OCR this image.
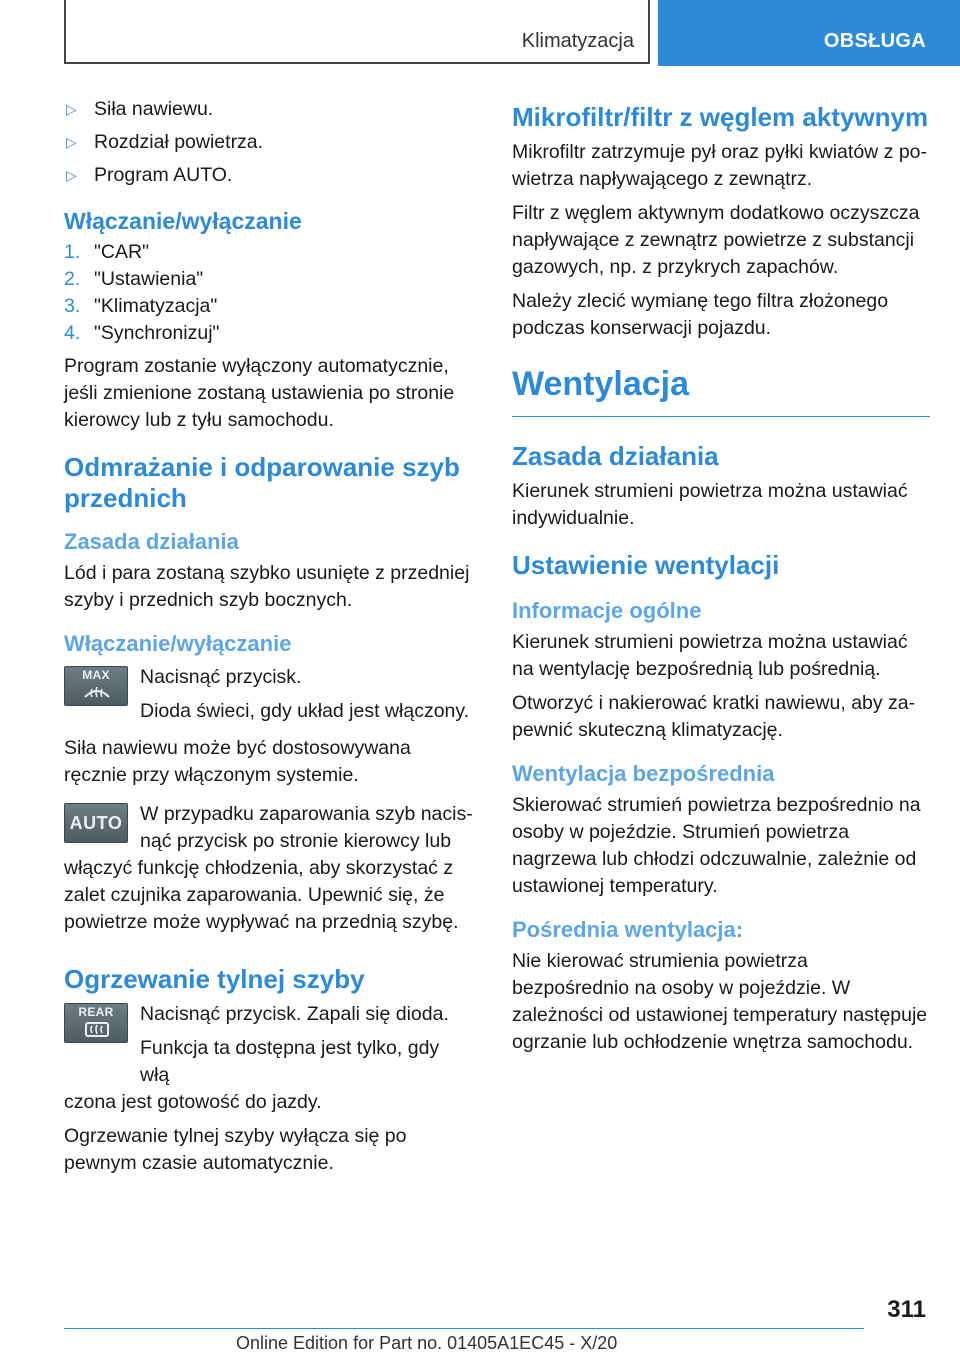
Klimatyzacja	OBSŁUGA
▷ Siła nawiewu.
▷ Rozdział powietrza.
▷ Program AUTO.
Włączanie/wyłączanie
1. "CAR"
2. "Ustawienia"
3. "Klimatyzacja"
4. "Synchronizuj"

Program zostanie wyłączony automatycznie, jeśli zmienione zostaną ustawienia po stronie kierowcy lub z tyłu samochodu.

Odmrażanie i odparowanie szyb przednich
Zasada działania

Lód i para zostaną szybko usunięte z przedniej szyby i przednich szyb bocznych.

Włączanie/wyłączanie
MAX	Nacisnąć przycisk.

Dioda świeci, gdy układ jest włączony.

Siła nawiewu może być dostosowywana ręcznie przy włączonym systemie.

AUTO W przypadku zaparowania szyb nacisnąć przycisk po stronie kierowcy lub

włączyć funkcję chłodzenia, aby skorzystać z zalet czujnika zaparowania. Upewnić się, że powietrze może wypływać na przednią szybę.

Ogrzewanie tylnej szyby
REAR	Nacisnąć przycisk. Zapali się dioda.

Funkcja ta dostępna jest tylko, gdy włą

czona jest gotowość do jazdy.

Ogrzewanie tylnej szyby wyłącza się po pewnym czasie automatycznie.

Mikrofiltr/filtr z węglem aktywnym

Mikrofiltr zatrzymuje pył oraz pyłki kwiatów z powietrza napływającego z zewnątrz.

Filtr z węglem aktywnym dodatkowo oczyszcza napływające z zewnątrz powietrze z substancji gazowych, np. z przykrych zapachów.

Należy zlecić wymianę tego filtra złożonego podczas konserwacji pojazdu.

Wentylacja
Zasada działania

Kierunek strumieni powietrza można ustawiać indywidualnie.

Ustawienie wentylacji
Informacje ogólne

Kierunek strumieni powietrza można ustawiać na wentylację bezpośrednią lub pośrednią.

Otworzyć i nakierować kratki nawiewu, aby zapewnić skuteczną klimatyzację.

Wentylacja bezpośrednia

Skierować strumień powietrza bezpośrednio na osoby w pojeździe. Strumień powietrza nagrzewa lub chłodzi odczuwalnie, zależnie od ustawionej temperatury.

Pośrednia wentylacja:

Nie kierować strumienia powietrza bezpośrednio na osoby w pojeździe. W zależności od ustawionej temperatury następuje ogrzanie lub ochłodzenie wnętrza samochodu.

311
Online Edition for Part no. 01405A1EC45 - X/20
